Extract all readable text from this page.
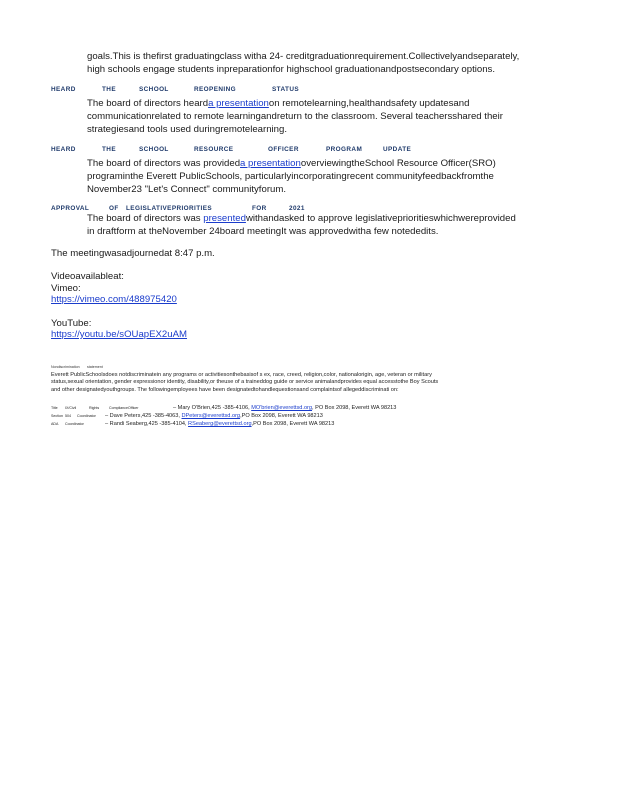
goals.This is thefirst graduatingclass witha 24- creditgraduationrequirement.Collectivelyandseparately,
high schools engage students inpreparationfor highschool graduationandpostsecondary options.
HEARD	THE	SCHOOL	REOPENING	STATUS
The board of directors hearda presentationon remotelearning,healthandsafety updatesand
communicationrelated to remote learningandreturn to the classroom. Several teachersshared their
strategiesand tools used duringremotelearning.
HEARD	THE	SCHOOL	RESOURCE	OFFICER	PROGRAM	UPDATE
The board of directors was provideda presentationoverviewingtheSchool Resource Officer(SRO)
programinthe Everett PublicSchools, particularlyincorporatingrecent communityfeedbackfromthe
November23 "Let's Connect" communityforum.
APPROVAL	OF LEGISLATIVEPRIORITIES	FOR	2021
The board of directors was presentedwithandasked to approve legislativeprioritieswhichwereprovided
in draftform at theNovember 24board meetingIt was approvedwitha few notededits.
The meetingwasadjournedat 8:47 p.m.
Videoavailableat:
Vimeo:
https://vimeo.com/488975420
YouTube:
https://youtu.be/sOUapEX2uAM
Nondiscrimination statement
Everett PublicSchoolsdoes notdiscriminatein any programs or activitiesonthebasisof s ex, race, creed, religion,color, nationalorigin, age, veteran or military
status,sexual orientation, gender expressionor identity, disability,or theuse of a traineddog guide or service animalandprovides equal accesstothe Boy Scouts
and other designatedyouthgroups. The followingemployees have been designatedtohandlequestionsand complaintsof allegeddiscriminati on:
Title IX/Civil	Rights	ComplianceOfficer	– Mary O'Brien,425 -385-4106, MO'brien@everettsd.org, PO Box 2098, Everett WA 98213
Section 504 Coordinator – Dave Peters,425 -385-4063, DPeters@everettsd.org,PO Box 2098, Everett WA 98213
ADA Coordinator	– Randi Seaberg,425 -385-4104, RSeaberg@everettsd.org,PO Box 2098, Everett WA 98213
